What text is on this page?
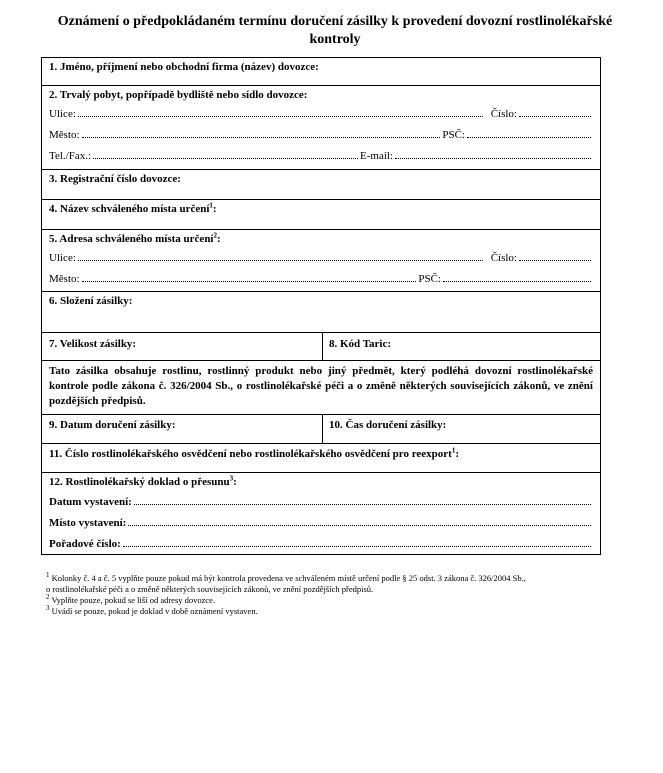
Oznámení o předpokládaném termínu doručení zásilky k provedení dovozní rostlinolékařské kontroly
1. Jméno, příjmení nebo obchodní firma (název) dovozce:
2. Trvalý pobyt, popřípadě bydliště nebo sídlo dovozce:
Ulice:	Číslo:
Město:	PSČ:
Tel./Fax.:	E-mail:
3. Registrační číslo dovozce:
4. Název schváleného místa určení$^1$:
5. Adresa schváleného místa určení$^2$:
Ulice:	Číslo:
Město:	PSČ:
6. Složení zásilky:
7. Velikost zásilky:	8. Kód Taric:
Tato zásilka obsahuje rostlinu, rostlinný produkt nebo jiný předmět, který podléhá dovozní rostlinolékařské kontrole podle zákona č. 326/2004 Sb., o rostlinolékařské péči a o změně některých souvisejících zákonů, ve znění pozdějších předpisů.
9. Datum doručení zásilky:	10. Čas doručení zásilky:
11. Číslo rostlinolékařského osvědčení nebo rostlinolékařského osvědčení pro reexport$^1$:
12. Rostlinolékařský doklad o přesunu$^3$:
Datum vystavení:
Místo vystavení:
Pořadové číslo:

$^1$ Kolonky č. 4 a č. 5 vyplňte pouze pokud má být kontrola provedena ve schváleném místě určení podle § 25 odst. 3 zákona č. 326/2004 Sb.,

o rostlinolékařské péči a o změně některých souvisejících zákonů, ve znění pozdějších předpisů.

$^2$ Vyplňte pouze, pokud se liší od adresy dovozce.

$^3$ Uvádí se pouze, pokud je doklad v době oznámení vystaven.
